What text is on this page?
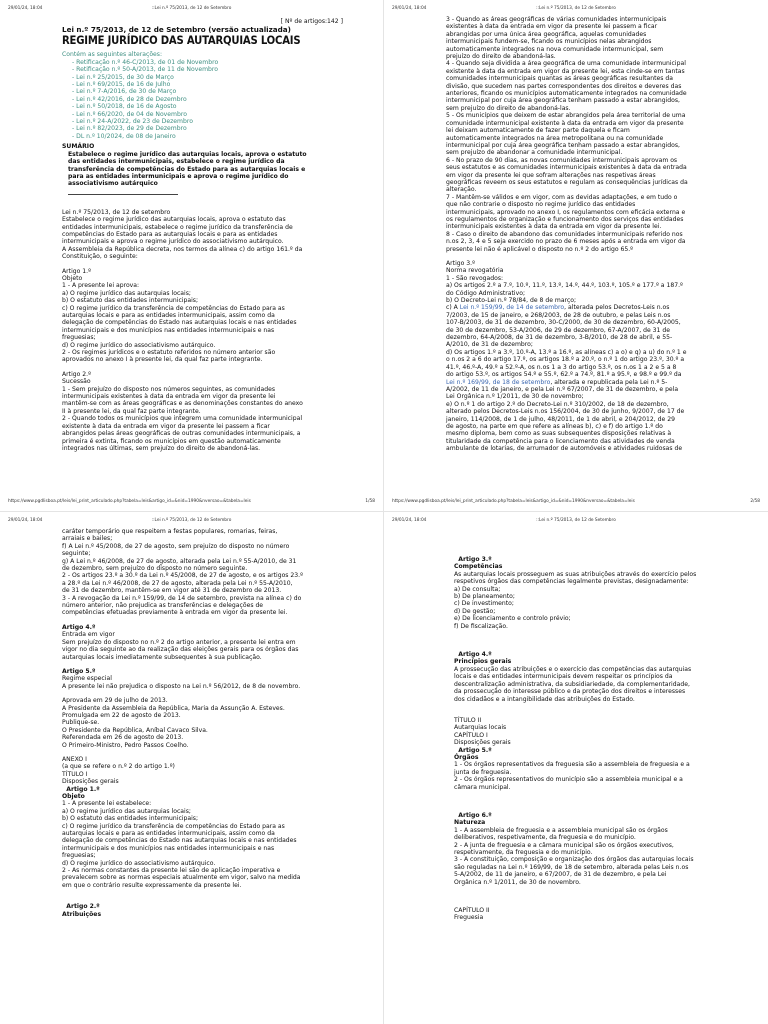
29/01/24, 18:04	::Lei n.º 75/2013, de 12 de Setembro
[ Nº de artigos:142 ]
Lei n.º 75/2013, de 12 de Setembro (versão actualizada)
REGIME JURÍDICO DAS AUTARQUIAS LOCAIS
Contém as seguintes alterações:
- Retificação n.º 46-C/2013, de 01 de Novembro
- Retificação n.º 50-A/2013, de 11 de Novembro
- Lei n.º 25/2015, de 30 de Março
- Lei n.º 69/2015, de 16 de Julho
- Lei n.º 7-A/2016, de 30 de Março
- Lei n.º 42/2016, de 28 de Dezembro
- Lei n.º 50/2018, de 16 de Agosto
- Lei n.º 66/2020, de 04 de Novembro
- Lei n.º 24-A/2022, de 23 de Dezembro
- Lei n.º 82/2023, de 29 de Dezembro
- DL n.º 10/2024, de 08 de Janeiro
SUMÁRIO
Estabelece o regime jurídico das autarquias locais, aprova o estatuto
das entidades intermunicipais, estabelece o regime jurídico da
transferência de competências do Estado para as autarquias locais e
para as entidades intermunicipais e aprova o regime jurídico do
associativismo autárquico
Lei n.º 75/2013, de 12 de setembro
Estabelece o regime jurídico das autarquias locais, aprova o estatuto das
entidades intermunicipais, estabelece o regime jurídico da transferência de
competências do Estado para as autarquias locais e para as entidades
intermunicipais e aprova o regime jurídico do associativismo autárquico.
A Assembleia da República decreta, nos termos da alínea c) do artigo 161.º da
Constituição, o seguinte:
Artigo 1.º
Objeto
1 - A presente lei aprova:
a) O regime jurídico das autarquias locais;
b) O estatuto das entidades intermunicipais;
c) O regime jurídico da transferência de competências do Estado para as
autarquias locais e para as entidades intermunicipais, assim como da
delegação de competências do Estado nas autarquias locais e nas entidades
intermunicipais e dos municípios nas entidades intermunicipais e nas
freguesias;
d) O regime jurídico do associativismo autárquico.
2 - Os regimes jurídicos e o estatuto referidos no número anterior são
aprovados no anexo I à presente lei, da qual faz parte integrante.
Artigo 2.º
Sucessão
1 - Sem prejuízo do disposto nos números seguintes, as comunidades
intermunicipais existentes à data da entrada em vigor da presente lei
mantêm-se com as áreas geográficas e as denominações constantes do anexo
II à presente lei, da qual faz parte integrante.
2 - Quando todos os municípios que integrem uma comunidade intermunicipal
existente à data da entrada em vigor da presente lei passem a ficar
abrangidos pelas áreas geográficas de outras comunidades intermunicipais, a
primeira é extinta, ficando os municípios em questão automaticamente
integrados nas últimas, sem prejuízo do direito de abandoná-las.
https://www.pgdlisboa.pt/leis/lei_print_articulado.php?tabela=leis&artigo_id=&nid=1990&nversao=&tabela=leis	1/58
29/01/24, 18:04	::Lei n.º 75/2013, de 12 de Setembro
3 - Quando as áreas geográficas de várias comunidades intermunicipais
existentes à data da entrada em vigor da presente lei passem a ficar
abrangidas por uma única área geográfica, aquelas comunidades
intermunicipais fundem-se, ficando os municípios nelas abrangidos
automaticamente integrados na nova comunidade intermunicipal, sem
prejuízo do direito de abandoná-las.
4 - Quando seja dividida a área geográfica de uma comunidade intermunicipal
existente à data da entrada em vigor da presente lei, esta cinde-se em tantas
comunidades intermunicipais quantas as áreas geográficas resultantes da
divisão, que sucedem nas partes correspondentes dos direitos e deveres das
anteriores, ficando os municípios automaticamente integrados na comunidade
intermunicipal por cuja área geográfica tenham passado a estar abrangidos,
sem prejuízo do direito de abandoná-las.
5 - Os municípios que deixem de estar abrangidos pela área territorial de uma
comunidade intermunicipal existente à data da entrada em vigor da presente
lei deixam automaticamente de fazer parte daquela e ficam
automaticamente integrados na área metropolitana ou na comunidade
intermunicipal por cuja área geográfica tenham passado a estar abrangidos,
sem prejuízo de abandonar a comunidade intermunicipal.
6 - No prazo de 90 dias, as novas comunidades intermunicipais aprovam os
seus estatutos e as comunidades intermunicipais existentes à data da entrada
em vigor da presente lei que sofram alterações nas respetivas áreas
geográficas reveem os seus estatutos e regulam as consequências jurídicas da
alteração.
7 - Mantêm-se válidos e em vigor, com as devidas adaptações, e em tudo o
que não contrarie o disposto no regime jurídico das entidades
intermunicipais, aprovado no anexo I, os regulamentos com eficácia externa e
os regulamentos de organização e funcionamento dos serviços das entidades
intermunicipais existentes à data da entrada em vigor da presente lei.
8 - Caso o direito de abandono das comunidades intermunicipais referido nos
n.os 2, 3, 4 e 5 seja exercido no prazo de 6 meses após a entrada em vigor da
presente lei não é aplicável o disposto no n.º 2 do artigo 65.º
Artigo 3.º
Norma revogatória
1 - São revogados:
a) Os artigos 2.º a 7.º, 10.º, 11.º, 13.º, 14.º, 44.º, 103.º, 105.º e 177.º a 187.º
do Código Administrativo;
b) O Decreto-Lei n.º 78/84, de 8 de março;
c) A Lei n.º 159/99, de 14 de setembro, alterada pelos Decretos-Leis n.os
7/2003, de 15 de janeiro, e 268/2003, de 28 de outubro, e pelas Leis n.os
107-B/2003, de 31 de dezembro, 30-C/2000, de 30 de dezembro, 60-A/2005,
de 30 de dezembro, 53-A/2006, de 29 de dezembro, 67-A/2007, de 31 de
dezembro, 64-A/2008, de 31 de dezembro, 3-B/2010, de 28 de abril, e 55-
A/2010, de 31 de dezembro;
d) Os artigos 1.º a 3.º, 10.º-A, 13.º a 16.º, as alíneas c) a o) e q) a u) do n.º 1 e
o n.os 2 a 6 do artigo 17.º, os artigos 18.º a 20.º, o n.º 1 do artigo 23.º, 30.º a
41.º, 46.º-A, 49.º a 52.º-A, os n.os 1 a 3 do artigo 53.º, os n.os 1 a 2 e 5 a 8
do artigo 53.º, os artigos 54.º e 55.º, 62.º a 74.º, 81.º a 95.º, e 98.º e 99.º da
Lei n.º 169/99, de 18 de setembro, alterada e republicada pela Lei n.º 5-
A/2002, de 11 de janeiro, e pela Lei n.º 67/2007, de 31 de dezembro, e pela
Lei Orgânica n.º 1/2011, de 30 de novembro;
e) O n.º 1 do artigo 2.º do Decreto-Lei n.º 310/2002, de 18 de dezembro,
alterado pelos Decretos-Leis n.os 156/2004, de 30 de junho, 9/2007, de 17 de
janeiro, 114/2008, de 1 de julho, 48/2011, de 1 de abril, e 204/2012, de 29
de agosto, na parte em que refere as alíneas b), c) e f) do artigo 1.º do
mesmo diploma, bem como as suas subsequentes disposições relativas à
titularidade da competência para o licenciamento das atividades de venda
ambulante de lotarias, de arrumador de automóveis e atividades ruidosas de
https://www.pgdlisboa.pt/leis/lei_print_articulado.php?tabela=leis&artigo_id=&nid=1990&nversao=&tabela=leis	2/58
29/01/24, 18:04	::Lei n.º 75/2013, de 12 de Setembro
caráter temporário que respeitem a festas populares, romarias, feiras,
arraiais e bailes;
f) A Lei n.º 45/2008, de 27 de agosto, sem prejuízo do disposto no número
seguinte;
g) A Lei n.º 46/2008, de 27 de agosto, alterada pela Lei n.º 55-A/2010, de 31
de dezembro, sem prejuízo do disposto no número seguinte.
2 - Os artigos 23.º a 30.º da Lei n.º 45/2008, de 27 de agosto, e os artigos 23.º
a 28.º da Lei n.º 46/2008, de 27 de agosto, alterada pela Lei n.º 55-A/2010,
de 31 de dezembro, mantêm-se em vigor até 31 de dezembro de 2013.
3 - A revogação da Lei n.º 159/99, de 14 de setembro, prevista na alínea c) do
número anterior, não prejudica as transferências e delegações de
competências efetuadas previamente à entrada em vigor da presente lei.
Artigo 4.º
Entrada em vigor
Sem prejuízo do disposto no n.º 2 do artigo anterior, a presente lei entra em
vigor no dia seguinte ao da realização das eleições gerais para os órgãos das
autarquias locais imediatamente subsequentes à sua publicação.
Artigo 5.º
Regime especial
A presente lei não prejudica o disposto na Lei n.º 56/2012, de 8 de novembro.
Aprovada em 29 de julho de 2013.
A Presidente da Assembleia da República, Maria da Assunção A. Esteves.
Promulgada em 22 de agosto de 2013.
Publique-se.
O Presidente da República, Aníbal Cavaco Silva.
Referendada em 26 de agosto de 2013.
O Primeiro-Ministro, Pedro Passos Coelho.
ANEXO I
(a que se refere o n.º 2 do artigo 1.º)
TÍTULO I
Disposições gerais
Artigo 1.º
Objeto
1 - A presente lei estabelece:
a) O regime jurídico das autarquias locais;
b) O estatuto das entidades intermunicipais;
c) O regime jurídico da transferência de competências do Estado para as
autarquias locais e para as entidades intermunicipais, assim como da
delegação de competências do Estado nas autarquias locais e nas entidades
intermunicipais e dos municípios nas entidades intermunicipais e nas
freguesias;
d) O regime jurídico do associativismo autárquico.
2 - As normas constantes da presente lei são de aplicação imperativa e
prevalecem sobre as normas especiais atualmente em vigor, salvo na medida
em que o contrário resulte expressamente da presente lei.
Artigo 2.º
Atribuições
29/01/24, 18:04	::Lei n.º 75/2013, de 12 de Setembro
Artigo 3.º
Competências
As autarquias locais prosseguem as suas atribuições através do exercício pelos
respetivos órgãos das competências legalmente previstas, designadamente:
a) De consulta;
b) De planeamento;
c) De investimento;
d) De gestão;
e) De licenciamento e controlo prévio;
f) De fiscalização.
Artigo 4.º
Princípios gerais
A prossecução das atribuições e o exercício das competências das autarquias
locais e das entidades intermunicipais devem respeitar os princípios da
descentralização administrativa, da subsidiariedade, da complementaridade,
da prossecução do interesse público e da proteção dos direitos e interesses
dos cidadãos e a intangibilidade das atribuições do Estado.
TÍTULO II
Autarquias locais
CAPÍTULO I
Disposições gerais
Artigo 5.º
Órgãos
1 - Os órgãos representativos da freguesia são a assembleia de freguesia e a
junta de freguesia.
2 - Os órgãos representativos do município são a assembleia municipal e a
câmara municipal.
Artigo 6.º
Natureza
1 - A assembleia de freguesia e a assembleia municipal são os órgãos
deliberativos, respetivamente, da freguesia e do município.
2 - A junta de freguesia e a câmara municipal são os órgãos executivos,
respetivamente, da freguesia e do município.
3 - A constituição, composição e organização dos órgãos das autarquias locais
são reguladas na Lei n.º 169/99, de 18 de setembro, alterada pelas Leis n.os
5-A/2002, de 11 de janeiro, e 67/2007, de 31 de dezembro, e pela Lei
Orgânica n.º 1/2011, de 30 de novembro.
CAPÍTULO II
Freguesia
